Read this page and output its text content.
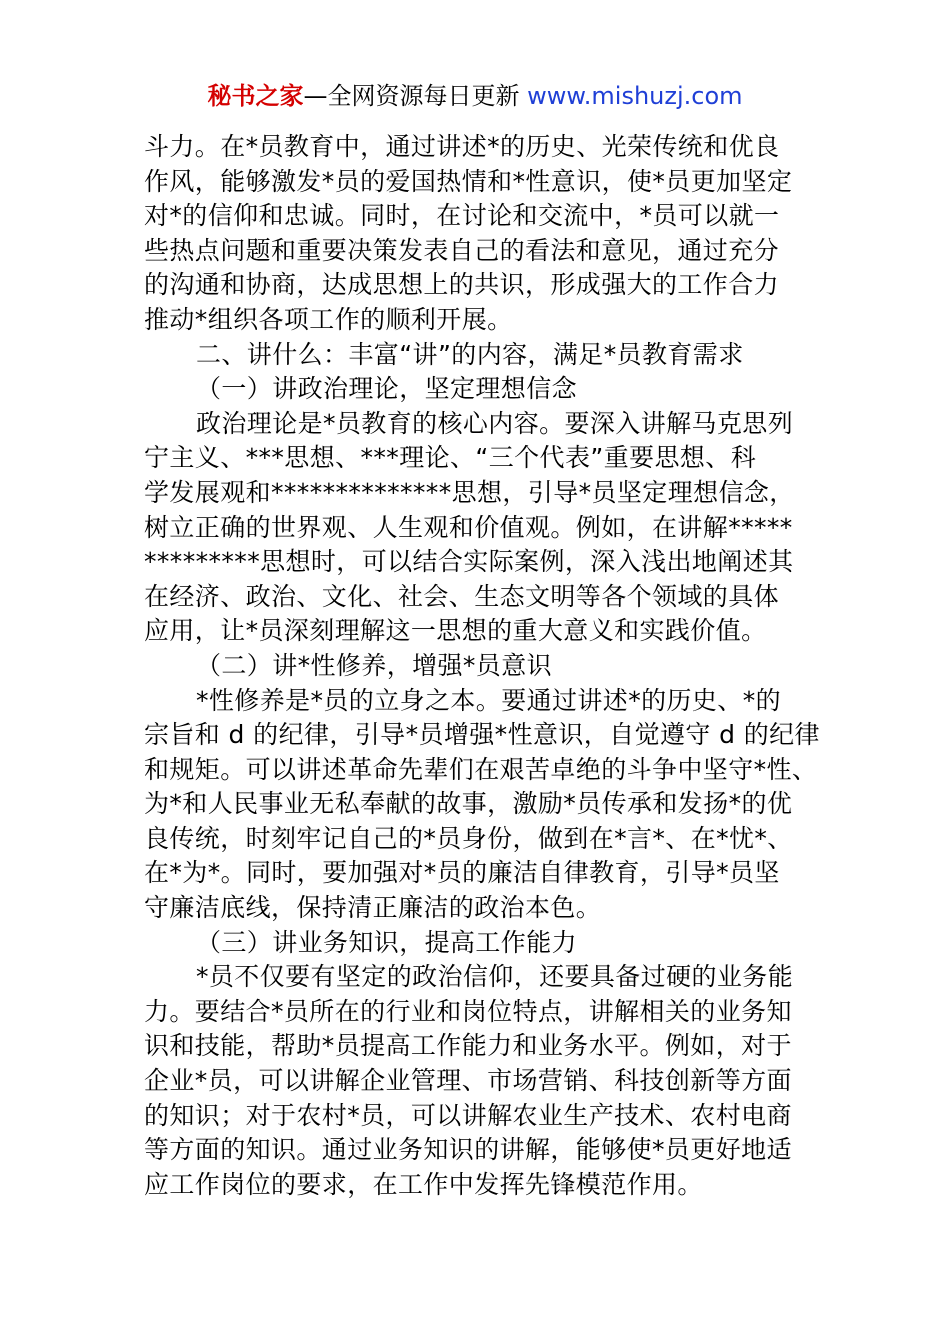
秘书之家—全网资源每日更新 www.mishuzj.com
斗力。在*员教育中，通过讲述*的历史、光荣传统和优良
作风，能够激发*员的爱国热情和*性意识，使*员更加坚定
对*的信仰和忠诚。同时，在讨论和交流中，*员可以就一
些热点问题和重要决策发表自己的看法和意见，通过充分
的沟通和协商，达成思想上的共识，形成强大的工作合力
推动*组织各项工作的顺利开展。
二、讲什么：丰富“讲”的内容，满足*员教育需求
（一）讲政治理论，坚定理想信念
政治理论是*员教育的核心内容。要深入讲解马克思列
宁主义、***思想、***理论、“三个代表”重要思想、科
学发展观和**************思想，引导*员坚定理想信念，
树立正确的世界观、人生观和价值观。例如，在讲解*****
*********思想时，可以结合实际案例，深入浅出地阐述其
在经济、政治、文化、社会、生态文明等各个领域的具体
应用，让*员深刻理解这一思想的重大意义和实践价值。
（二）讲*性修养，增强*员意识
*性修养是*员的立身之本。要通过讲述*的历史、*的
宗旨和 d 的纪律，引导*员增强*性意识，自觉遵守 d 的纪律
和规矩。可以讲述革命先辈们在艰苦卓绝的斗争中坚守*性、
为*和人民事业无私奉献的故事，激励*员传承和发扬*的优
良传统，时刻牢记自己的*员身份，做到在*言*、在*忧*、
在*为*。同时，要加强对*员的廉洁自律教育，引导*员坚
守廉洁底线，保持清正廉洁的政治本色。
（三）讲业务知识，提高工作能力
*员不仅要有坚定的政治信仰，还要具备过硬的业务能
力。要结合*员所在的行业和岗位特点，讲解相关的业务知
识和技能，帮助*员提高工作能力和业务水平。例如，对于
企业*员，可以讲解企业管理、市场营销、科技创新等方面
的知识；对于农村*员，可以讲解农业生产技术、农村电商
等方面的知识。通过业务知识的讲解，能够使*员更好地适
应工作岗位的要求，在工作中发挥先锋模范作用。
